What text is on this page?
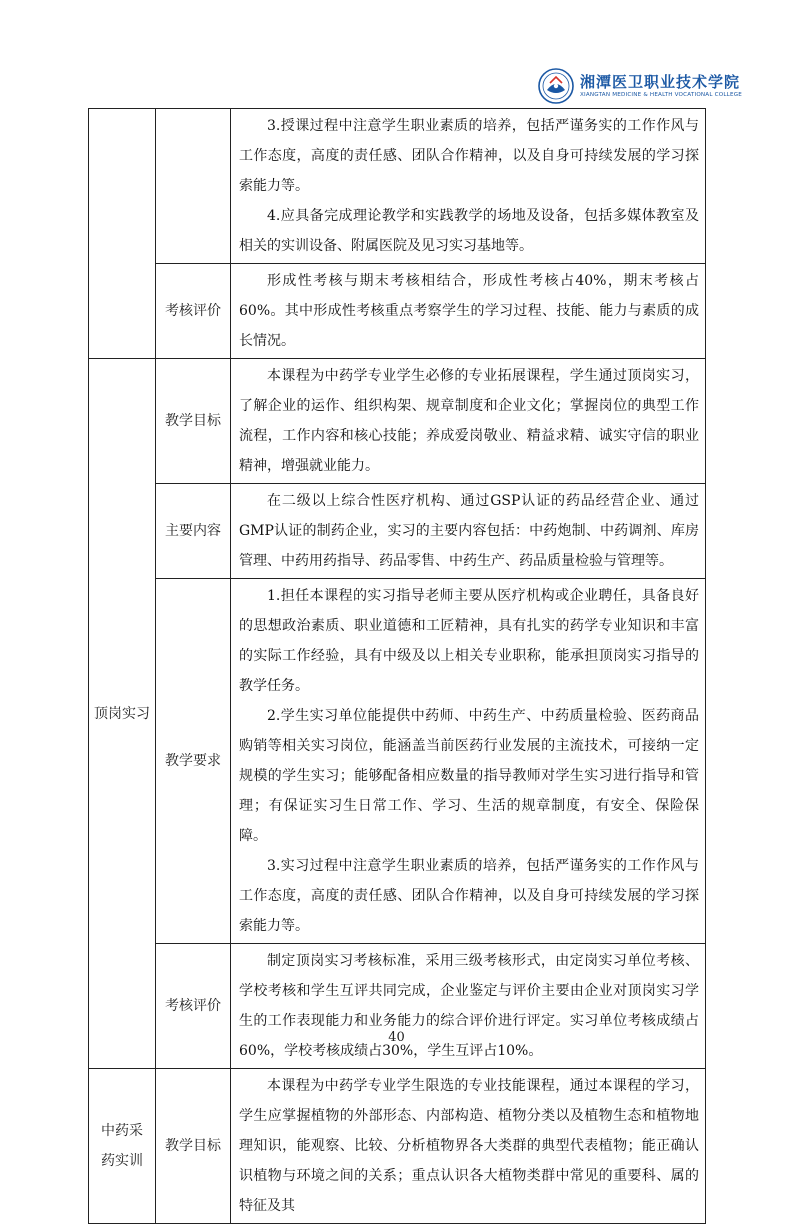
湘潭医卫职业技术学院
XIANGTAN MEDICINE & HEALTH VOCATIONAL COLLEGE

		3.授课过程中注意学生职业素质的培养，包括严谨务实的工作作风与工作态度，高度的责任感、团队合作精神，以及自身可持续发展的学习探索能力等。

4.应具备完成理论教学和实践教学的场地及设备，包括多媒体教室及相关的实训设备、附属医院及见习实习基地等。

	考核评价	形成性考核与期末考核相结合，形成性考核占40%，期末考核占60%。其中形成性考核重点考察学生的学习过程、技能、能力与素质的成长情况。

顶岗实习	教学目标	本课程为中药学专业学生必修的专业拓展课程，学生通过顶岗实习，了解企业的运作、组织构架、规章制度和企业文化；掌握岗位的典型工作流程，工作内容和核心技能；养成爱岗敬业、精益求精、诚实守信的职业精神，增强就业能力。

	主要内容	在二级以上综合性医疗机构、通过GSP认证的药品经营企业、通过GMP认证的制药企业，实习的主要内容包括：中药炮制、中药调剂、库房管理、中药用药指导、药品零售、中药生产、药品质量检验与管理等。

	教学要求	1.担任本课程的实习指导老师主要从医疗机构或企业聘任，具备良好的思想政治素质、职业道德和工匠精神，具有扎实的药学专业知识和丰富的实际工作经验，具有中级及以上相关专业职称，能承担顶岗实习指导的教学任务。

2.学生实习单位能提供中药师、中药生产、中药质量检验、医药商品购销等相关实习岗位，能涵盖当前医药行业发展的主流技术，可接纳一定规模的学生实习；能够配备相应数量的指导教师对学生实习进行指导和管理；有保证实习生日常工作、学习、生活的规章制度，有安全、保险保障。

3.实习过程中注意学生职业素质的培养，包括严谨务实的工作作风与工作态度，高度的责任感、团队合作精神，以及自身可持续发展的学习探索能力等。

	考核评价	制定顶岗实习考核标准，采用三级考核形式，由定岗实习单位考核、学校考核和学生互评共同完成，企业鉴定与评价主要由企业对顶岗实习学生的工作表现能力和业务能力的综合评价进行评定。实习单位考核成绩占60%，学校考核成绩占30%，学生互评占10%。

中药采药实训	教学目标	本课程为中药学专业学生限选的专业技能课程，通过本课程的学习，学生应掌握植物的外部形态、内部构造、植物分类以及植物生态和植物地理知识，能观察、比较、分析植物界各大类群的典型代表植物；能正确认识植物与环境之间的关系；重点认识各大植物类群中常见的重要科、属的特征及其

40
